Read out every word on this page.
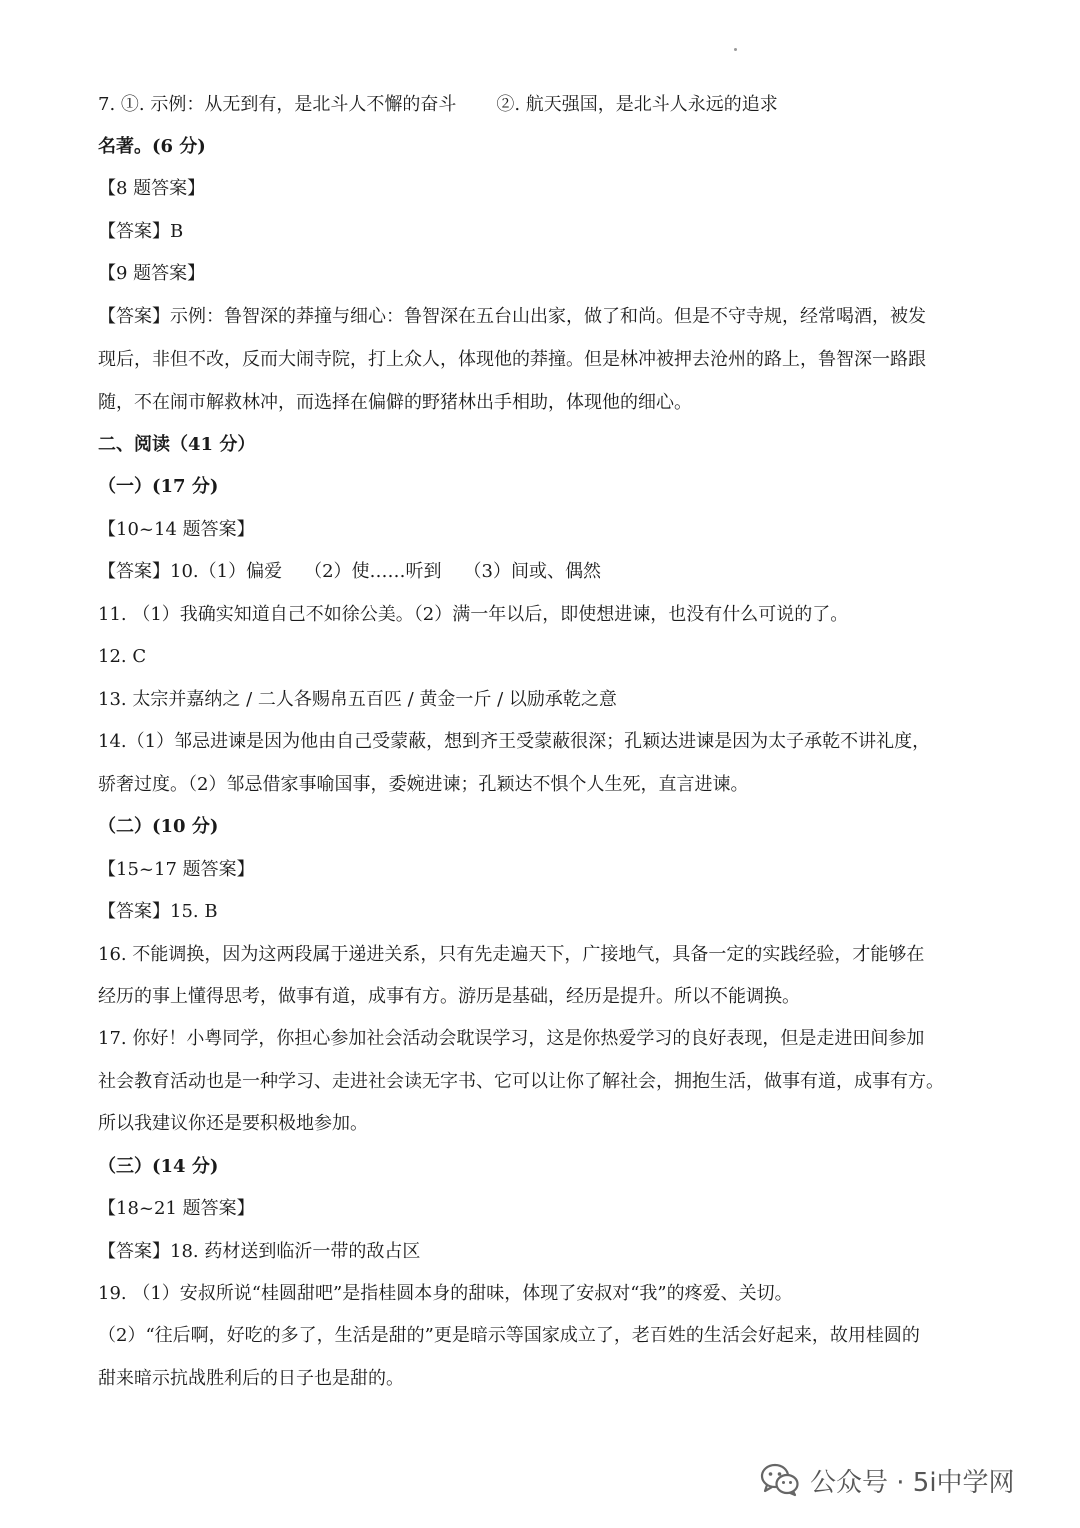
7. ①. 示例：从无到有，是北斗人不懈的奋斗 ②. 航天强国，是北斗人永远的追求
名著。(6 分)
【8 题答案】
【答案】B
【9 题答案】
【答案】示例：鲁智深的莽撞与细心：鲁智深在五台山出家，做了和尚。但是不守寺规，经常喝酒，被发
现后，非但不改，反而大闹寺院，打上众人，体现他的莽撞。但是林冲被押去沧州的路上，鲁智深一路跟
随，不在闹市解救林冲，而选择在偏僻的野猪林出手相助，体现他的细心。
二、阅读（41 分）
（一）(17 分)
【10~14 题答案】
【答案】10.（1）偏爱 （2）使……听到 （3）间或、偶然
11. （1）我确实知道自己不如徐公美。（2）满一年以后，即使想进谏，也没有什么可说的了。
12. C
13. 太宗并嘉纳之 / 二人各赐帛五百匹 / 黄金一斤 / 以励承乾之意
14.（1）邹忌进谏是因为他由自己受蒙蔽，想到齐王受蒙蔽很深；孔颖达进谏是因为太子承乾不讲礼度，
骄奢过度。（2）邹忌借家事喻国事，委婉进谏；孔颖达不惧个人生死，直言进谏。
（二）(10 分)
【15~17 题答案】
【答案】15. B
16. 不能调换，因为这两段属于递进关系，只有先走遍天下，广接地气，具备一定的实践经验，才能够在
经历的事上懂得思考，做事有道，成事有方。游历是基础，经历是提升。所以不能调换。
17. 你好！小粤同学，你担心参加社会活动会耽误学习，这是你热爱学习的良好表现，但是走进田间参加
社会教育活动也是一种学习、走进社会读无字书、它可以让你了解社会，拥抱生活，做事有道，成事有方。
所以我建议你还是要积极地参加。
（三）(14 分)
【18~21 题答案】
【答案】18. 药材送到临沂一带的敌占区
19. （1）安叔所说“桂圆甜吧”是指桂圆本身的甜味，体现了安叔对“我”的疼爱、关切。
（2）“往后啊，好吃的多了，生活是甜的”更是暗示等国家成立了，老百姓的生活会好起来，故用桂圆的
甜来暗示抗战胜利后的日子也是甜的。
公众号 · 5i中学网
